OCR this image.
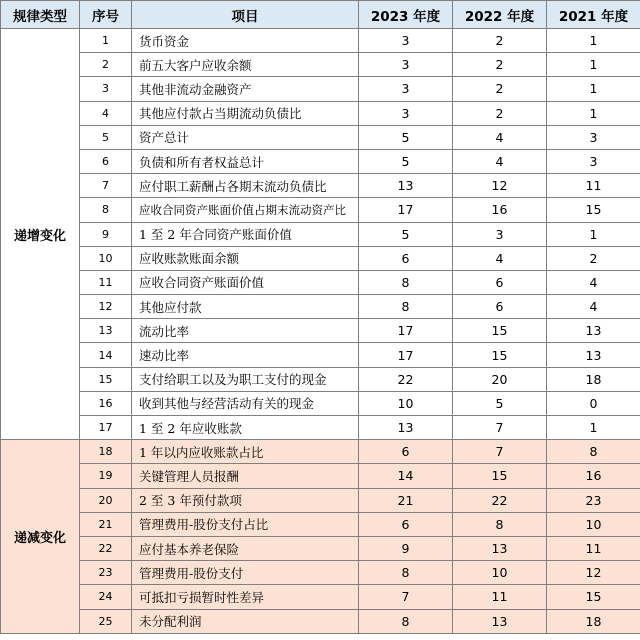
规律类型	序号	项目	2023 年度	2022 年度	2021 年度
递增变化	1	货币资金	3	2	1
	2	前五大客户应收余额	3	2	1
	3	其他非流动金融资产	3	2	1
	4	其他应付款占当期流动负债比	3	2	1
	5	资产总计	5	4	3
	6	负债和所有者权益总计	5	4	3
	7	应付职工薪酬占各期末流动负债比	13	12	11
	8	应收合同资产账面价值占期末流动资产比	17	16	15
	9	1 至 2 年合同资产账面价值	5	3	1
	10	应收账款账面余额	6	4	2
	11	应收合同资产账面价值	8	6	4
	12	其他应付款	8	6	4
	13	流动比率	17	15	13
	14	速动比率	17	15	13
	15	支付给职工以及为职工支付的现金	22	20	18
	16	收到其他与经营活动有关的现金	10	5	0
	17	1 至 2 年应收账款	13	7	1
递减变化	18	1 年以内应收账款占比	6	7	8
	19	关键管理人员报酬	14	15	16
	20	2 至 3 年预付款项	21	22	23
	21	管理费用-股份支付占比	6	8	10
	22	应付基本养老保险	9	13	11
	23	管理费用-股份支付	8	10	12
	24	可抵扣亏损暂时性差异	7	11	15
	25	未分配利润	8	13	18
